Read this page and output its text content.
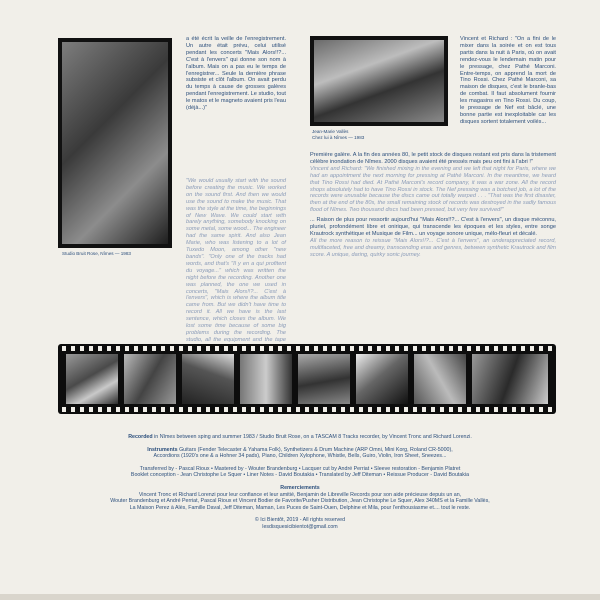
Studio Bruit Rose, Nîmes — 1983

a été écrit la veille de l'enregistrement. Un autre était prévu, celui utilisé pendant les concerts "Mais Alors!!?... C'est à l'envers" qui donne son nom à l'album. Mais on a pas eu le temps de l'enregistrer... Seule la dernière phrase subsiste et clôt l'album. On avait perdu du temps à cause de grosses galères pendant l'enregistrement. Le studio, tout le matos et le magneto avaient pris l'eau (déjà...)"

"We would usually start with the sound before creating the music. We worked on the sound first. And then we would use the sound to make the music. That was the style at the time, the beginnings of New Wave. We could start with barely anything, somebody knocking on some metal, some wood... The engineer had the same spirit. And also Jean Marie, who was listening to a lot of Tuxedo Moon, among other "new bands". "Only one of the tracks had words, and that's "Il y en a qui profitent du voyage..." which was written the night before the recording. Another one was planned, the one we used in concerts, "Mais Alors!!?... C'est à l'envers", which is where the album title came from. But we didn't have time to record it. All we have is the last sentence, which closes the album. We lost some time because of some big problems during the recording. The studio, all the equipment and the tape

Jean-Marie Vallès
Chez lui à Nîmes — 1983

Vincent et Richard : "On a fini de le mixer dans la soirée et on est tous partis dans la nuit à Paris, où on avait rendez-vous le lendemain matin pour le pressage, chez Pathé Marconi. Entre-temps, on apprend la mort de Tino Rossi. Chez Pathé Marconi, sa maison de disques, c'est le branle-bas de combat. Il faut absolument fournir les magasins en Tino Rossi. Du coup, le pressage de Nef est bâclé, une bonne partie est inexploitable car les disques sortent totalement voilés...

Première galère. A la fin des années 80, le petit stock de disques restant est pris dans la tristement célèbre inondation de Nîmes. 2000 disques avaient été pressés mais peu ont fini à l'abri !"

Vincent and Richard: "We finished mixing in the evening and we left that night for Paris, where we had an appointment the next morning for pressing at Pathé Marconi. In the meantime, we heard that Tino Rossi had died. At Pathé Marconi's record company, it was a war zone. All the record shops absolutely had to have Tino Rossi in stock. The Nef pressing was a botched job, a lot of the records were unusable because the discs came out totally warped . . . "That was the first disaster, then at the end of the 80s, the small remaining stock of records was destroyed in the sadly famous flood of Nîmes. Two thousand discs had been pressed, but very few survived!"

... Raison de plus pour ressortir aujourd'hui "Mais Alors!!?... C'est à l'envers", un disque méconnu, pluriel, profondément libre et onirique, qui transcende les époques et les styles, entre songe Krautrock synthétique et Musique de Film... un voyage sonore unique, mélo-fleuri et décalé.

All the more reason to reissue "Mais Alors!!?... C'est à l'envers", an underappreciated record, multifaceted, free and dreamy, transcending eras and genres, between synthetic Krautrock and film score. A unique, daring, quirky sonic journey.

Recorded in Nîmes between sping and summer 1983 / Studio Bruit Rose, on a TASCAM 8 Tracks recorder, by Vincent Tronc and Richard Lorenzi.

Instruments Guitars (Fender Telecaster & Yahama Folk), Synthetizers & Drum Machine (ARP Omni, Mini Korg, Roland CR-5000),

Accordions (1920's one & a Hohner 34 pads), Piano, Children Xylophone, Whistle, Bells, Guiro, Violin, Iron Sheet, Sneezes...

Transferred by - Pascal Rioux • Mastered by - Wouter Brandenburg • Lacquer cut by André Perriat • Sleeve restoration - Benjamin Platret

Booklet conception - Jean Christophe Le Squer • Liner Notes - David Boutakia • Translated by Jeff Diteman • Reissue Producer - David Boutakia

Remerciements

Vincent Tronc et Richard Lorenzi pour leur confiance et leur amitié, Benjamin de Libreville Records pour son aide précieuse depuis un an,

Wouter Brandenburg et André Perriat, Pascal Rioux et Vincent Bodier de Favorite/Pusher Distribution, Jean Christophe Le Squer, Alex 340MS et la Famille Vallès,

La Maison Perez à Alès, Famille Daval, Jeff Diteman, Maman, Les Puces de Saint-Ouen, Delphine et Mila, pour l'enthousiasme et.... tout le reste.

© Ici Bientôt, 2019 - All rights reserved

lesdisquesicibientot@gmail.com
